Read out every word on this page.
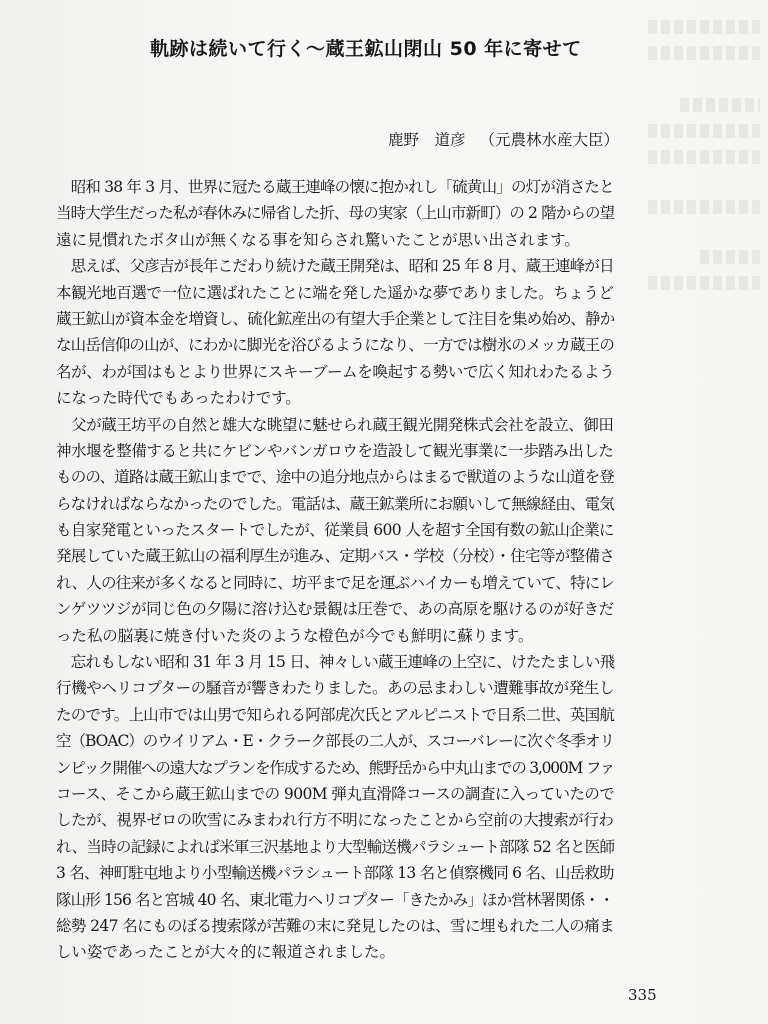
軌跡は続いて行く〜蔵王鉱山閉山 50 年に寄せて
鹿野　道彦 （元農林水産大臣）
　昭和 38 年 3 月、世界に冠たる蔵王連峰の懐に抱かれし「硫黄山」の灯が消さたと
当時大学生だった私が春休みに帰省した折、母の実家（上山市新町）の 2 階からの望
遠に見慣れたボタ山が無くなる事を知らされ驚いたことが思い出されます。
　思えば、父彦吉が長年こだわり続けた蔵王開発は、昭和 25 年 8 月、蔵王連峰が日
本観光地百選で一位に選ばれたことに端を発した遥かな夢でありました。ちょうど
蔵王鉱山が資本金を増資し、硫化鉱産出の有望大手企業として注目を集め始め、静か
な山岳信仰の山が、にわかに脚光を浴びるようになり、一方では樹氷のメッカ蔵王の
名が、わが国はもとより世界にスキーブームを喚起する勢いで広く知れわたるよう
になった時代でもあったわけです。
　父が蔵王坊平の自然と雄大な眺望に魅せられ蔵王観光開発株式会社を設立、御田
神水堰を整備すると共にケビンやバンガロウを造設して観光事業に一歩踏み出した
ものの、道路は蔵王鉱山までで、途中の追分地点からはまるで獣道のような山道を登
らなければならなかったのでした。電話は、蔵王鉱業所にお願いして無線経由、電気
も自家発電といったスタートでしたが、従業員 600 人を超す全国有数の鉱山企業に
発展していた蔵王鉱山の福利厚生が進み、定期バス・学校（分校）・住宅等が整備さ
れ、人の往来が多くなると同時に、坊平まで足を運ぶハイカーも増えていて、特にレ
ンゲツツジが同じ色の夕陽に溶け込む景観は圧巻で、あの高原を駆けるのが好きだ
った私の脳裏に焼き付いた炎のような橙色が今でも鮮明に蘇ります。
　忘れもしない昭和 31 年 3 月 15 日、神々しい蔵王連峰の上空に、けたたましい飛
行機やヘリコプターの騒音が響きわたりました。あの忌まわしい遭難事故が発生し
たのです。上山市では山男で知られる阿部虎次氏とアルピニストで日系二世、英国航
空（BOAC）のウイリアム・E・クラーク部長の二人が、スコーバレーに次ぐ冬季オリ
ンピック開催への遠大なプランを作成するため、熊野岳から中丸山までの 3,000M ファ
コース、そこから蔵王鉱山までの 900M 弾丸直滑降コースの調査に入っていたので
したが、視界ゼロの吹雪にみまわれ行方不明になったことから空前の大捜索が行わ
れ、当時の記録によれば米軍三沢基地より大型輸送機パラシュート部隊 52 名と医師
3 名、神町駐屯地より小型輸送機パラシュート部隊 13 名と偵察機同 6 名、山岳救助
隊山形 156 名と宮城 40 名、東北電力ヘリコプター「きたかみ」ほか営林署関係・・
総勢 247 名にものぼる捜索隊が苦難の末に発見したのは、雪に埋もれた二人の痛ま
しい姿であったことが大々的に報道されました。
335
